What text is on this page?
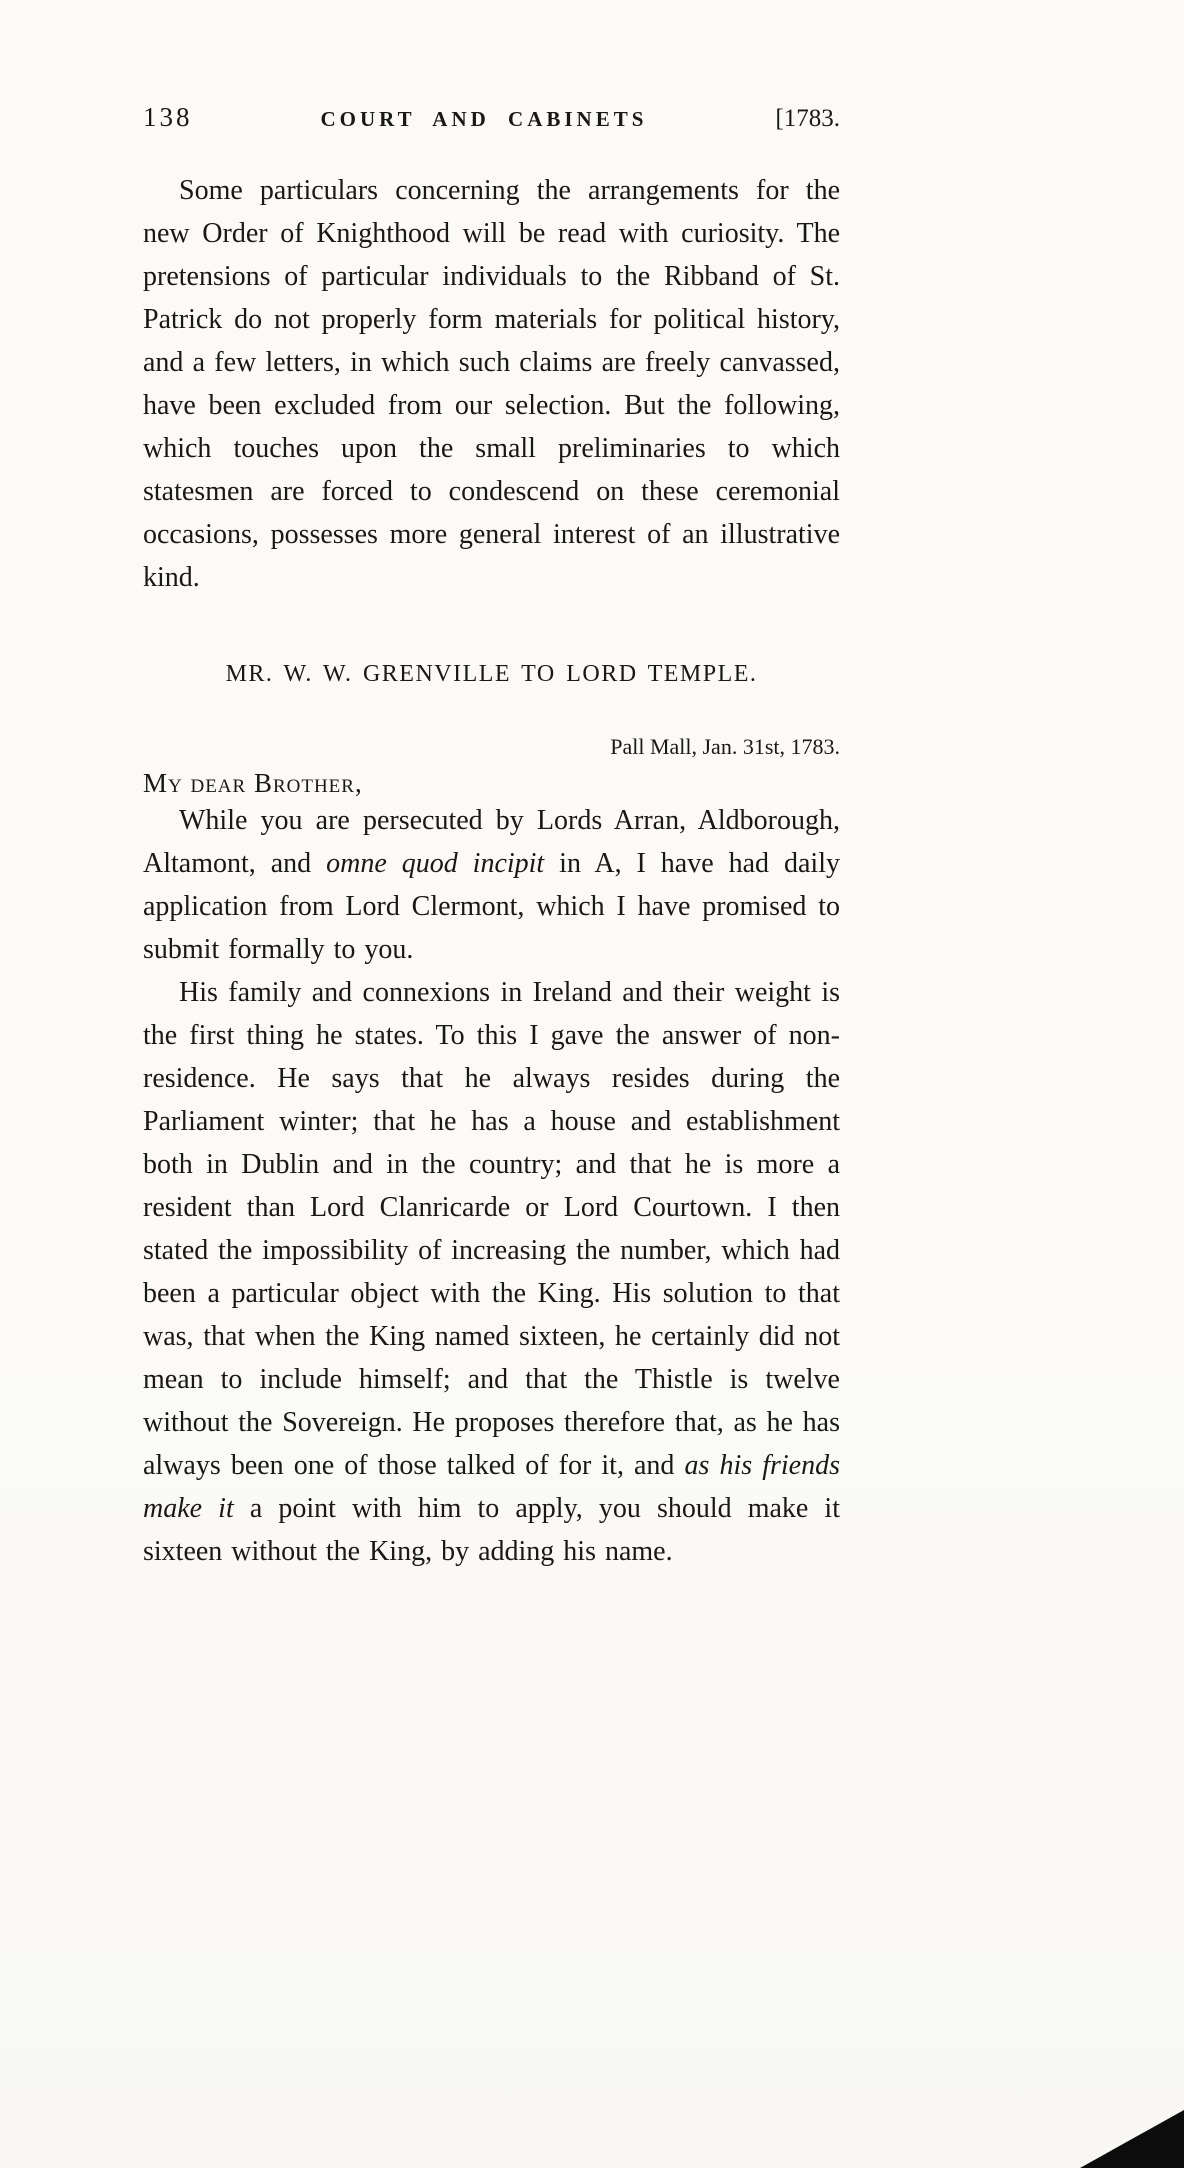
138	COURT AND CABINETS	[1783.

Some particulars concerning the arrangements for the new Order of Knighthood will be read with curiosity. The pretensions of particular individuals to the Ribband of St. Patrick do not properly form materials for political history, and a few letters, in which such claims are freely canvassed, have been excluded from our selection. But the following, which touches upon the small preliminaries to which statesmen are forced to condescend on these ceremonial occasions, possesses more general interest of an illustrative kind.

MR. W. W. GRENVILLE TO LORD TEMPLE.
Pall Mall, Jan. 31st, 1783.
My dear Brother,

While you are persecuted by Lords Arran, Aldborough, Altamont, and omne quod incipit in A, I have had daily application from Lord Clermont, which I have promised to submit formally to you.

His family and connexions in Ireland and their weight is the first thing he states. To this I gave the answer of non-residence. He says that he always resides during the Parliament winter; that he has a house and establishment both in Dublin and in the country; and that he is more a resident than Lord Clanricarde or Lord Courtown. I then stated the impossibility of increasing the number, which had been a particular object with the King. His solution to that was, that when the King named sixteen, he certainly did not mean to include himself; and that the Thistle is twelve without the Sovereign. He proposes therefore that, as he has always been one of those talked of for it, and as his friends make it a point with him to apply, you should make it sixteen without the King, by adding his name.
